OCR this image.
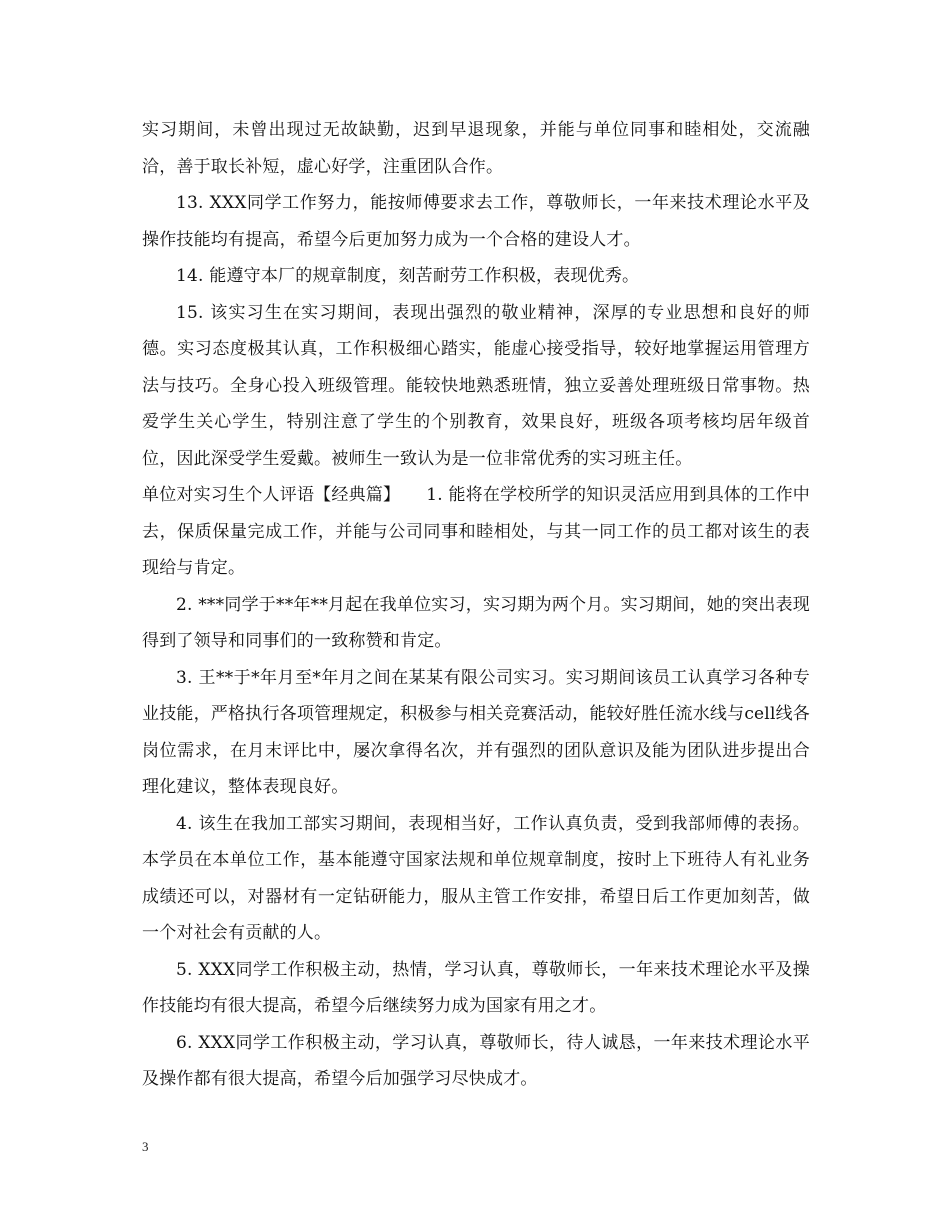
实习期间，未曾出现过无故缺勤，迟到早退现象，并能与单位同事和睦相处，交流融洽，善于取长补短，虚心好学，注重团队合作。

13. XXX同学工作努力，能按师傅要求去工作，尊敬师长，一年来技术理论水平及操作技能均有提高，希望今后更加努力成为一个合格的建设人才。

14. 能遵守本厂的规章制度，刻苦耐劳工作积极，表现优秀。

15. 该实习生在实习期间，表现出强烈的敬业精神，深厚的专业思想和良好的师德。实习态度极其认真，工作积极细心踏实，能虚心接受指导，较好地掌握运用管理方法与技巧。全身心投入班级管理。能较快地熟悉班情，独立妥善处理班级日常事物。热爱学生关心学生，特别注意了学生的个别教育，效果良好，班级各项考核均居年级首位，因此深受学生爱戴。被师生一致认为是一位非常优秀的实习班主任。

单位对实习生个人评语【经典篇】　　1. 能将在学校所学的知识灵活应用到具体的工作中去，保质保量完成工作，并能与公司同事和睦相处，与其一同工作的员工都对该生的表现给与肯定。

2. ***同学于**年**月起在我单位实习，实习期为两个月。实习期间，她的突出表现得到了领导和同事们的一致称赞和肯定。

3. 王**于*年月至*年月之间在某某有限公司实习。实习期间该员工认真学习各种专业技能，严格执行各项管理规定，积极参与相关竞赛活动，能较好胜任流水线与cell线各岗位需求，在月末评比中，屡次拿得名次，并有强烈的团队意识及能为团队进步提出合理化建议，整体表现良好。

4. 该生在我加工部实习期间，表现相当好，工作认真负责，受到我部师傅的表扬。本学员在本单位工作，基本能遵守国家法规和单位规章制度，按时上下班待人有礼业务成绩还可以，对器材有一定钻研能力，服从主管工作安排，希望日后工作更加刻苦，做一个对社会有贡献的人。

5. XXX同学工作积极主动，热情，学习认真，尊敬师长，一年来技术理论水平及操作技能均有很大提高，希望今后继续努力成为国家有用之才。

6. XXX同学工作积极主动，学习认真，尊敬师长，待人诚恳，一年来技术理论水平及操作都有很大提高，希望今后加强学习尽快成才。

3
